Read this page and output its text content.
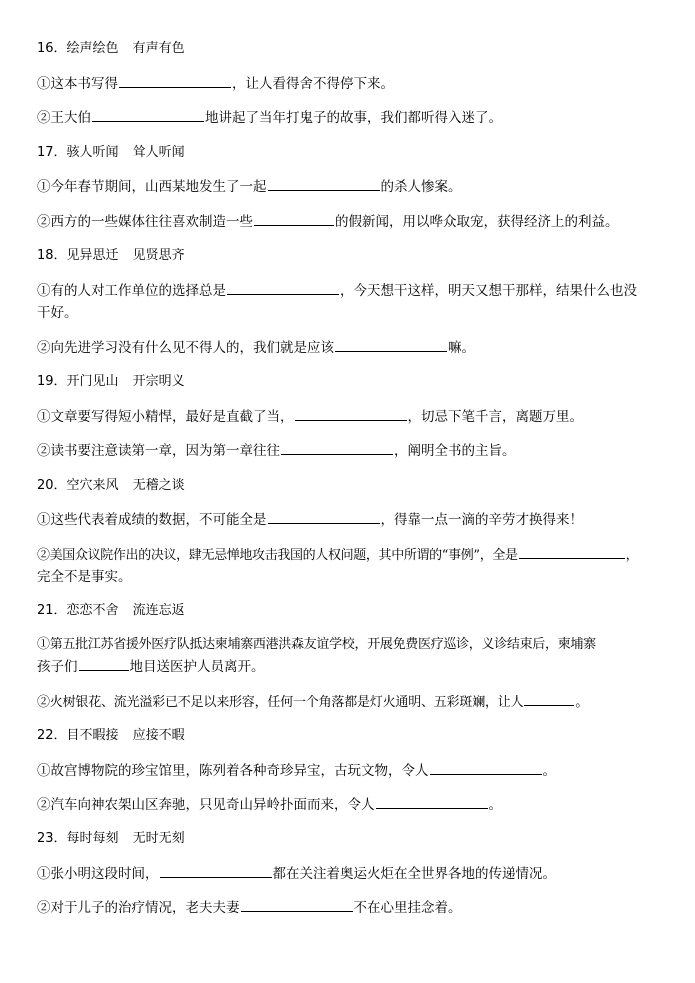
16．绘声绘色 有声有色
①这本书写得	，让人看得舍不得停下来。
②王大伯	地讲起了当年打鬼子的故事，我们都听得入迷了。
17．骇人听闻 耸人听闻
①今年春节期间，山西某地发生了一起	的杀人惨案。
②西方的一些媒体往往喜欢制造一些	的假新闻，用以哗众取宠，获得经济上的利益。
18．见异思迁 见贤思齐
①有的人对工作单位的选择总是	，今天想干这样，明天又想干那样，结果什么也没
干好。
②向先进学习没有什么见不得人的，我们就是应该	嘛。
19．开门见山 开宗明义
①文章要写得短小精悍，最好是直截了当，	，切忌下笔千言，离题万里。
②读书要注意读第一章，因为第一章往往	，阐明全书的主旨。
20．空穴来风 无稽之谈
①这些代表着成绩的数据，不可能全是	，得靠一点一滴的辛劳才换得来！
②美国众议院作出的决议，肆无忌惮地攻击我国的人权问题，其中所谓的“事例”，全是	，
完全不是事实。
21．恋恋不舍 流连忘返
①第五批江苏省援外医疗队抵达柬埔寨西港洪森友谊学校，开展免费医疗巡诊，义诊结束后，柬埔寨
孩子们	地目送医护人员离开。
②火树银花、流光溢彩已不足以来形容，任何一个角落都是灯火通明、五彩斑斓，让人	。
22．目不暇接 应接不暇
①故宫博物院的珍宝馆里，陈列着各种奇珍异宝，古玩文物，令人	。
②汽车向神农架山区奔驰，只见奇山异岭扑面而来，令人	。
23．每时每刻 无时无刻
①张小明这段时间，	都在关注着奥运火炬在全世界各地的传递情况。
②对于儿子的治疗情况，老夫夫妻	不在心里挂念着。
